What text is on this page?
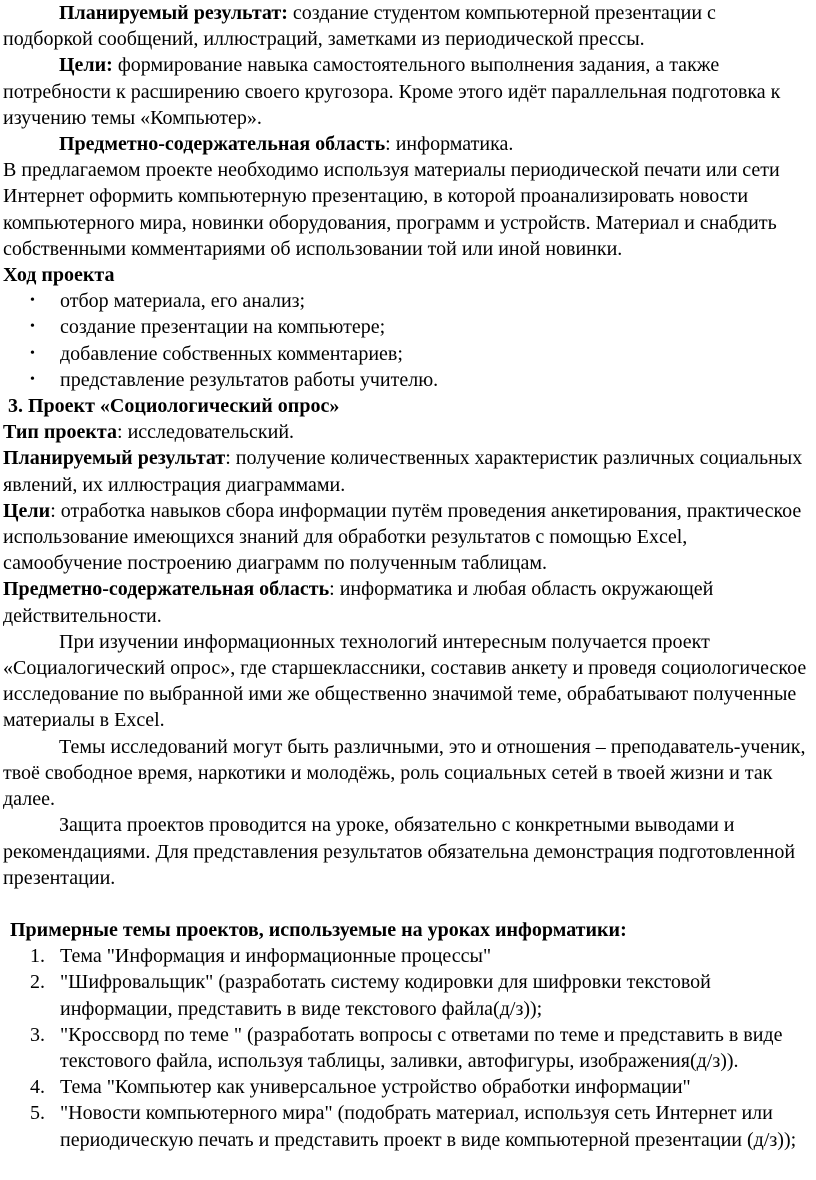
Планируемый результат: создание студентом компьютерной презентации с подборкой сообщений, иллюстраций, заметками из периодической прессы.

Цели: формирование навыка самостоятельного выполнения задания, а также потребности к расширению своего кругозора. Кроме этого идёт параллельная подготовка к изучению темы «Компьютер».

Предметно-содержательная область: информатика.

В предлагаемом проекте необходимо используя материалы периодической печати или сети Интернет оформить компьютерную презентацию, в которой проанализировать новости компьютерного мира, новинки оборудования, программ и устройств. Материал и снабдить собственными комментариями об использовании той или иной новинки.

Ход проекта

• отбор материала, его анализ;
• создание презентации на компьютере;
• добавление собственных комментариев;
• представление результатов работы учителю.

3. Проект «Социологический опрос»

Тип проекта: исследовательский.

Планируемый результат: получение количественных характеристик различных социальных явлений, их иллюстрация диаграммами.

Цели: отработка навыков сбора информации путём проведения анкетирования, практическое использование имеющихся знаний для обработки результатов с помощью Excel, самообучение построению диаграмм по полученным таблицам.

Предметно-содержательная область: информатика и любая область окружающей действительности.

При изучении информационных технологий интересным получается проект «Социалогический опрос», где старшеклассники, составив анкету и проведя социологическое исследование по выбранной ими же общественно значимой теме, обрабатывают полученные материалы в Excel.

Темы исследований могут быть различными, это и отношения – преподаватель-ученик, твоё свободное время, наркотики и молодёжь, роль социальных сетей в твоей жизни и так далее.

Защита проектов проводится на уроке, обязательно с конкретными выводами и рекомендациями. Для представления результатов обязательна демонстрация подготовленной презентации.

Примерные темы проектов, используемые на уроках информатики:

1. Тема "Информация и информационные процессы"
2. "Шифровальщик" (разработать систему кодировки для шифровки текстовой информации, представить в виде текстового файла(д/з));
3. "Кроссворд по теме " (разработать вопросы с ответами по теме и представить в виде текстового файла, используя таблицы, заливки, автофигуры, изображения(д/з)).
4. Тема "Компьютер как универсальное устройство обработки информации"
5. "Новости компьютерного мира" (подобрать материал, используя сеть Интернет или периодическую печать и представить проект в виде компьютерной презентации (д/з));
